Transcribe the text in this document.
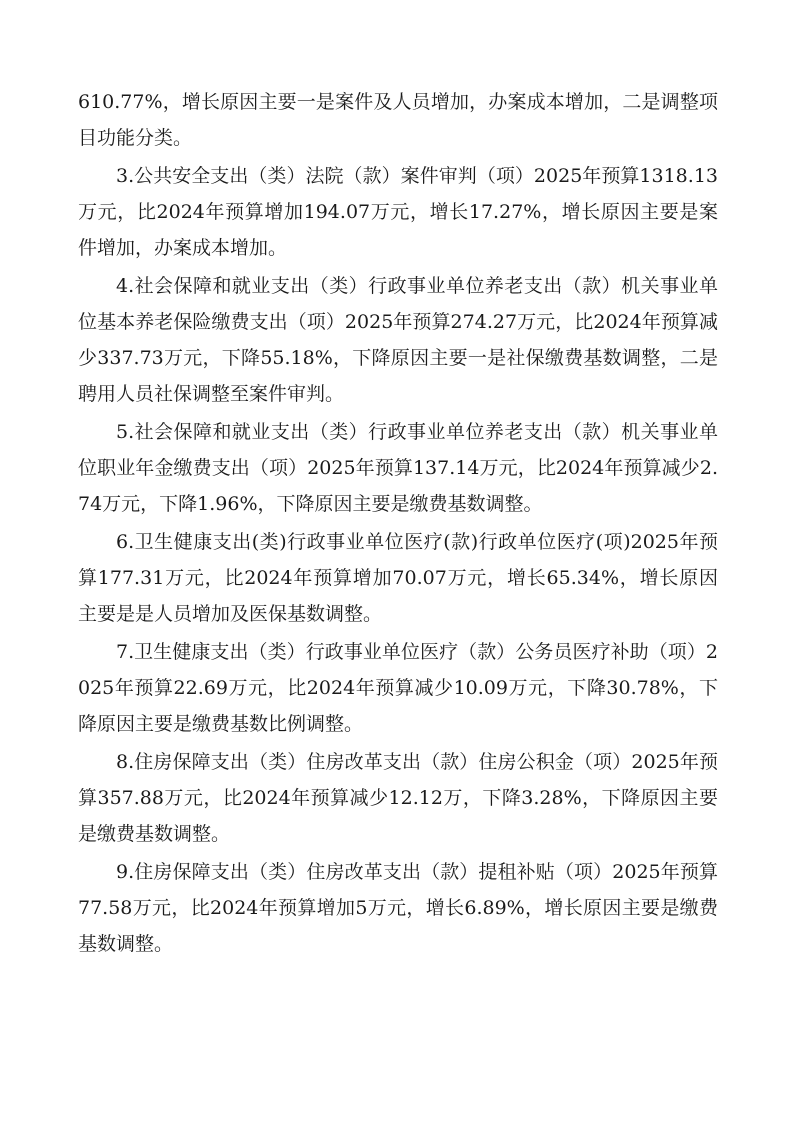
610.77%，增长原因主要一是案件及人员增加，办案成本增加，二是调整项目功能分类。

3.公共安全支出（类）法院（款）案件审判（项）2025年预算1318.13万元，比2024年预算增加194.07万元，增长17.27%，增长原因主要是案件增加，办案成本增加。

4.社会保障和就业支出（类）行政事业单位养老支出（款）机关事业单位基本养老保险缴费支出（项）2025年预算274.27万元，比2024年预算减少337.73万元，下降55.18%，下降原因主要一是社保缴费基数调整，二是聘用人员社保调整至案件审判。

5.社会保障和就业支出（类）行政事业单位养老支出（款）机关事业单位职业年金缴费支出（项）2025年预算137.14万元，比2024年预算减少2.74万元，下降1.96%，下降原因主要是缴费基数调整。

6.卫生健康支出(类)行政事业单位医疗(款)行政单位医疗(项)2025年预算177.31万元，比2024年预算增加70.07万元，增长65.34%，增长原因主要是是人员增加及医保基数调整。

7.卫生健康支出（类）行政事业单位医疗（款）公务员医疗补助（项）2025年预算22.69万元，比2024年预算减少10.09万元，下降30.78%，下降原因主要是缴费基数比例调整。

8.住房保障支出（类）住房改革支出（款）住房公积金（项）2025年预算357.88万元，比2024年预算减少12.12万，下降3.28%，下降原因主要是缴费基数调整。

9.住房保障支出（类）住房改革支出（款）提租补贴（项）2025年预算77.58万元，比2024年预算增加5万元，增长6.89%，增长原因主要是缴费基数调整。
